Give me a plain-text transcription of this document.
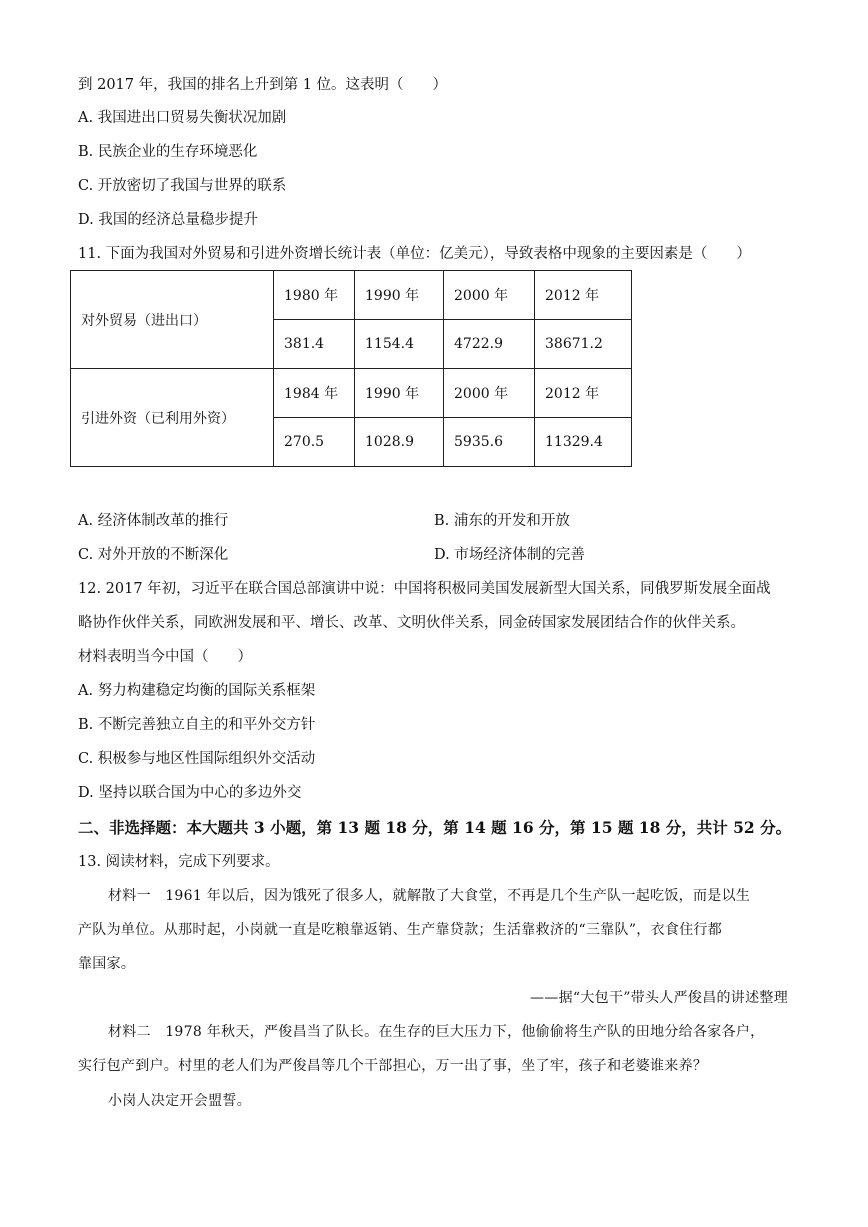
到 2017 年，我国的排名上升到第 1 位。这表明（　　）
A. 我国进出口贸易失衡状况加剧
B. 民族企业的生存环境恶化
C. 开放密切了我国与世界的联系
D. 我国的经济总量稳步提升
11. 下面为我国对外贸易和引进外资增长统计表（单位：亿美元），导致表格中现象的主要因素是（　　）
对外贸易（进出口）	1980 年	1990 年	2000 年	2012 年
	381.4	1154.4	4722.9	38671.2
引进外资（已利用外资）	1984 年	1990 年	2000 年	2012 年
	270.5	1028.9	5935.6	11329.4
A. 经济体制改革的推行	B. 浦东的开发和开放
C. 对外开放的不断深化	D. 市场经济体制的完善
12. 2017 年初，习近平在联合国总部演讲中说：中国将积极同美国发展新型大国关系，同俄罗斯发展全面战
略协作伙伴关系，同欧洲发展和平、增长、改革、文明伙伴关系，同金砖国家发展团结合作的伙伴关系。
材料表明当今中国（　　）
A. 努力构建稳定均衡的国际关系框架
B. 不断完善独立自主的和平外交方针
C. 积极参与地区性国际组织外交活动
D. 坚持以联合国为中心的多边外交
二、非选择题：本大题共 3 小题，第 13 题 18 分，第 14 题 16 分，第 15 题 18 分，共计 52 分。
13. 阅读材料，完成下列要求。
材料一　1961 年以后，因为饿死了很多人，就解散了大食堂，不再是几个生产队一起吃饭，而是以生
产队为单位。从那时起，小岗就一直是吃粮靠返销、生产靠贷款；生活靠救济的“三靠队”，衣食住行都
靠国家。
——据“大包干”带头人严俊昌的讲述整理
材料二　1978 年秋天，严俊昌当了队长。在生存的巨大压力下，他偷偷将生产队的田地分给各家各户，
实行包产到户。村里的老人们为严俊昌等几个干部担心，万一出了事，坐了牢，孩子和老婆谁来养？
小岗人决定开会盟誓。
